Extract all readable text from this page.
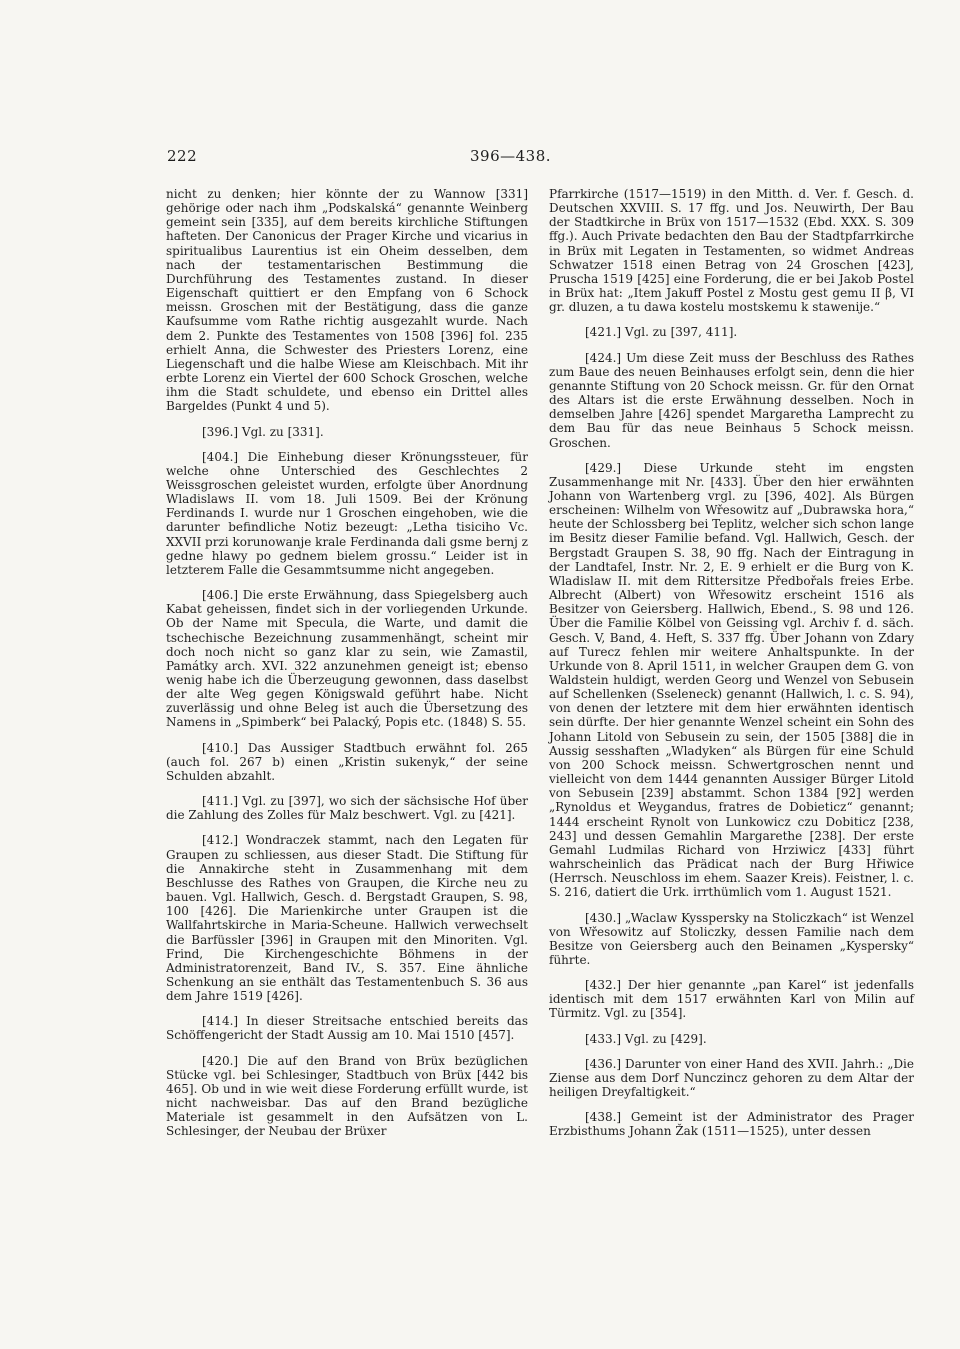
222	396—438.

nicht zu denken; hier könnte der zu Wannow [331] gehörige oder nach ihm „Podskalská“ genannte Weinberg gemeint sein [335], auf dem bereits kirchliche Stiftungen hafteten. Der Canonicus der Prager Kirche und vicarius in spiritualibus Laurentius ist ein Oheim desselben, dem nach der testamentarischen Bestimmung die Durchführung des Testamentes zustand. In dieser Eigenschaft quittiert er den Empfang von 6 Schock meissn. Groschen mit der Bestätigung, dass die ganze Kaufsumme vom Rathe richtig ausgezahlt wurde. Nach dem 2. Punkte des Testamentes von 1508 [396] fol. 235 erhielt Anna, die Schwester des Priesters Lorenz, eine Liegenschaft und die halbe Wiese am Kleischbach. Mit ihr erbte Lorenz ein Viertel der 600 Schock Groschen, welche ihm die Stadt schuldete, und ebenso ein Drittel alles Bargeldes (Punkt 4 und 5).

[396.] Vgl. zu [331].

[404.] Die Einhebung dieser Krönungssteuer, für welche ohne Unterschied des Geschlechtes 2 Weissgroschen geleistet wurden, erfolgte über Anordnung Wladislaws II. vom 18. Juli 1509. Bei der Krönung Ferdinands I. wurde nur 1 Groschen eingehoben, wie die darunter befindliche Notiz bezeugt: „Letha tisiciho Vc. XXVII przi korunowanje krale Ferdinanda dali gsme bernj z gedne hlawy po gednem bielem grossu.“ Leider ist in letzterem Falle die Gesammtsumme nicht angegeben.

[406.] Die erste Erwähnung, dass Spiegelsberg auch Kabat geheissen, findet sich in der vorliegenden Urkunde. Ob der Name mit Specula, die Warte, und damit die tschechische Bezeichnung zusammenhängt, scheint mir doch noch nicht so ganz klar zu sein, wie Zamastil, Památky arch. XVI. 322 anzunehmen geneigt ist; ebenso wenig habe ich die Überzeugung gewonnen, dass daselbst der alte Weg gegen Königswald geführt habe. Nicht zuverlässig und ohne Beleg ist auch die Übersetzung des Namens in „Spimberk“ bei Palacký, Popis etc. (1848) S. 55.

[410.] Das Aussiger Stadtbuch erwähnt fol. 265 (auch fol. 267 b) einen „Kristin sukenyk,“ der seine Schulden abzahlt.

[411.] Vgl. zu [397], wo sich der sächsische Hof über die Zahlung des Zolles für Malz beschwert. Vgl. zu [421].

[412.] Wondraczek stammt, nach den Legaten für Graupen zu schliessen, aus dieser Stadt. Die Stiftung für die Annakirche steht in Zusammenhang mit dem Beschlusse des Rathes von Graupen, die Kirche neu zu bauen. Vgl. Hallwich, Gesch. d. Bergstadt Graupen, S. 98, 100 [426]. Die Marienkirche unter Graupen ist die Wallfahrtskirche in Maria-Scheune. Hallwich verwechselt die Barfüssler [396] in Graupen mit den Minoriten. Vgl. Frind, Die Kirchengeschichte Böhmens in der Administratorenzeit, Band IV., S. 357. Eine ähnliche Schenkung an sie enthält das Testamentenbuch S. 36 aus dem Jahre 1519 [426].

[414.] In dieser Streitsache entschied bereits das Schöffengericht der Stadt Aussig am 10. Mai 1510 [457].

[420.] Die auf den Brand von Brüx bezüglichen Stücke vgl. bei Schlesinger, Stadtbuch von Brüx [442 bis 465]. Ob und in wie weit diese Forderung erfüllt wurde, ist nicht nachweisbar. Das auf den Brand bezügliche Materiale ist gesammelt in den Aufsätzen von L. Schlesinger, der Neubau der Brüxer

Pfarrkirche (1517—1519) in den Mitth. d. Ver. f. Gesch. d. Deutschen XXVIII. S. 17 ffg. und Jos. Neuwirth, Der Bau der Stadtkirche in Brüx von 1517—1532 (Ebd. XXX. S. 309 ffg.). Auch Private bedachten den Bau der Stadtpfarrkirche in Brüx mit Legaten in Testamenten, so widmet Andreas Schwatzer 1518 einen Betrag von 24 Groschen [423], Pruscha 1519 [425] eine Forderung, die er bei Jakob Postel in Brüx hat: „Item Jakuff Postel z Mostu gest gemu II β, VI gr. dluzen, a tu dawa kostelu mostskemu k stawenije.“

[421.] Vgl. zu [397, 411].

[424.] Um diese Zeit muss der Beschluss des Rathes zum Baue des neuen Beinhauses erfolgt sein, denn die hier genannte Stiftung von 20 Schock meissn. Gr. für den Ornat des Altars ist die erste Erwähnung desselben. Noch in demselben Jahre [426] spendet Margaretha Lamprecht zu dem Bau für das neue Beinhaus 5 Schock meissn. Groschen.

[429.] Diese Urkunde steht im engsten Zusammenhange mit Nr. [433]. Über den hier erwähnten Johann von Wartenberg vrgl. zu [396, 402]. Als Bürgen erscheinen: Wilhelm von Wřesowitz auf „Dubrawska hora,“ heute der Schlossberg bei Teplitz, welcher sich schon lange im Besitz dieser Familie befand. Vgl. Hallwich, Gesch. der Bergstadt Graupen S. 38, 90 ffg. Nach der Eintragung in der Landtafel, Instr. Nr. 2, E. 9 erhielt er die Burg von K. Wladislaw II. mit dem Rittersitze Předbořals freies Erbe. Albrecht (Albert) von Wřesowitz erscheint 1516 als Besitzer von Geiersberg. Hallwich, Ebend., S. 98 und 126. Über die Familie Kölbel von Geissing vgl. Archiv f. d. säch. Gesch. V, Band, 4. Heft, S. 337 ffg. Über Johann von Zdary auf Turecz fehlen mir weitere Anhaltspunkte. In der Urkunde von 8. April 1511, in welcher Graupen dem G. von Waldstein huldigt, werden Georg und Wenzel von Sebusein auf Schellenken (Sseleneck) genannt (Hallwich, l. c. S. 94), von denen der letztere mit dem hier erwähnten identisch sein dürfte. Der hier genannte Wenzel scheint ein Sohn des Johann Litold von Sebusein zu sein, der 1505 [388] die in Aussig sesshaften „Wladyken“ als Bürgen für eine Schuld von 200 Schock meissn. Schwertgroschen nennt und vielleicht von dem 1444 genannten Aussiger Bürger Litold von Sebusein [239] abstammt. Schon 1384 [92] werden „Rynoldus et Weygandus, fratres de Dobieticz“ genannt; 1444 erscheint Rynolt von Lunkowicz czu Dobiticz [238, 243] und dessen Gemahlin Margarethe [238]. Der erste Gemahl Ludmilas Richard von Hrziwicz [433] führt wahrscheinlich das Prädicat nach der Burg Hřiwice (Herrsch. Neuschloss im ehem. Saazer Kreis). Feistner, l. c. S. 216, datiert die Urk. irrthümlich vom 1. August 1521.

[430.] „Waclaw Kysspersky na Stoliczkach“ ist Wenzel von Wřesowitz auf Stoliczky, dessen Familie nach dem Besitze von Geiersberg auch den Beinamen „Kyspersky“ führte.

[432.] Der hier genannte „pan Karel“ ist jedenfalls identisch mit dem 1517 erwähnten Karl von Milin auf Türmitz. Vgl. zu [354].

[433.] Vgl. zu [429].

[436.] Darunter von einer Hand des XVII. Jahrh.: „Die Ziense aus dem Dorf Nunczincz gehoren zu dem Altar der heiligen Dreyfaltigkeit.“

[438.] Gemeint ist der Administrator des Prager Erzbisthums Johann Žak (1511—1525), unter dessen
